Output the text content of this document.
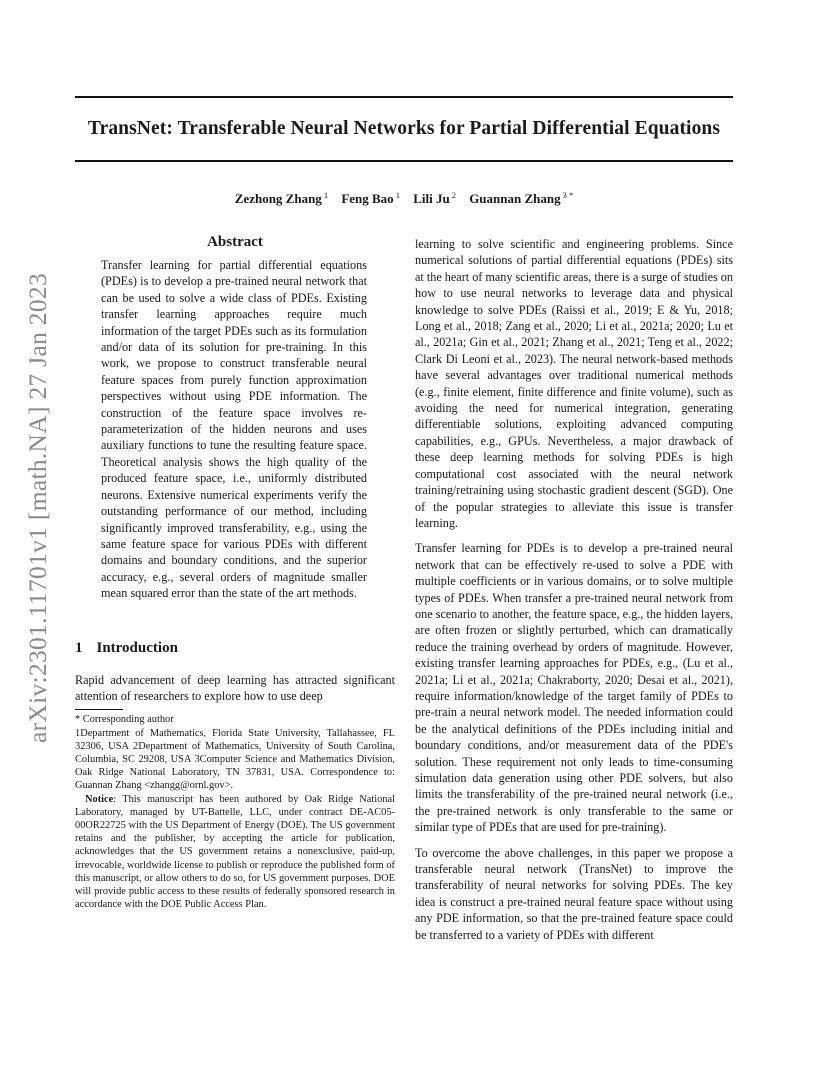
TransNet: Transferable Neural Networks for Partial Differential Equations
Zezhong Zhang $^1$ Feng Bao $^1$ Lili Ju $^2$ Guannan Zhang $^{3 *}$
arXiv:2301.11701v1 [math.NA] 27 Jan 2023
Abstract

Transfer learning for partial differential equations (PDEs) is to develop a pre-trained neural network that can be used to solve a wide class of PDEs. Existing transfer learning approaches require much information of the target PDEs such as its formulation and/or data of its solution for pre-training. In this work, we propose to construct transferable neural feature spaces from purely function approximation perspectives without using PDE information. The construction of the feature space involves re-parameterization of the hidden neurons and uses auxiliary functions to tune the resulting feature space. Theoretical analysis shows the high quality of the produced feature space, i.e., uniformly distributed neurons. Extensive numerical experiments verify the outstanding performance of our method, including significantly improved transferability, e.g., using the same feature space for various PDEs with different domains and boundary conditions, and the superior accuracy, e.g., several orders of magnitude smaller mean squared error than the state of the art methods.

1 Introduction

Rapid advancement of deep learning has attracted significant attention of researchers to explore how to use deep

* Corresponding author

1Department of Mathematics, Florida State University, Tallahassee, FL 32306, USA 2Department of Mathematics, University of South Carolina, Columbia, SC 29208, USA 3Computer Science and Mathematics Division, Oak Ridge National Laboratory, TN 37831, USA. Correspondence to: Guannan Zhang <zhangg@ornl.gov>.

Notice: This manuscript has been authored by Oak Ridge National Laboratory, managed by UT-Battelle, LLC, under contract DE-AC05-00OR22725 with the US Department of Energy (DOE). The US government retains and the publisher, by accepting the article for publication, acknowledges that the US government retains a nonexclusive, paid-up, irrevocable, worldwide license to publish or reproduce the published form of this manuscript, or allow others to do so, for US government purposes. DOE will provide public access to these results of federally sponsored research in accordance with the DOE Public Access Plan.

learning to solve scientific and engineering problems. Since numerical solutions of partial differential equations (PDEs) sits at the heart of many scientific areas, there is a surge of studies on how to use neural networks to leverage data and physical knowledge to solve PDEs (Raissi et al., 2019; E & Yu, 2018; Long et al., 2018; Zang et al., 2020; Li et al., 2021a; 2020; Lu et al., 2021a; Gin et al., 2021; Zhang et al., 2021; Teng et al., 2022; Clark Di Leoni et al., 2023). The neural network-based methods have several advantages over traditional numerical methods (e.g., finite element, finite difference and finite volume), such as avoiding the need for numerical integration, generating differentiable solutions, exploiting advanced computing capabilities, e.g., GPUs. Nevertheless, a major drawback of these deep learning methods for solving PDEs is high computational cost associated with the neural network training/retraining using stochastic gradient descent (SGD). One of the popular strategies to alleviate this issue is transfer learning.

Transfer learning for PDEs is to develop a pre-trained neural network that can be effectively re-used to solve a PDE with multiple coefficients or in various domains, or to solve multiple types of PDEs. When transfer a pre-trained neural network from one scenario to another, the feature space, e.g., the hidden layers, are often frozen or slightly perturbed, which can dramatically reduce the training overhead by orders of magnitude. However, existing transfer learning approaches for PDEs, e.g., (Lu et al., 2021a; Li et al., 2021a; Chakraborty, 2020; Desai et al., 2021), require information/knowledge of the target family of PDEs to pre-train a neural network model. The needed information could be the analytical definitions of the PDEs including initial and boundary conditions, and/or measurement data of the PDE's solution. These requirement not only leads to time-consuming simulation data generation using other PDE solvers, but also limits the transferability of the pre-trained neural network (i.e., the pre-trained network is only transferable to the same or similar type of PDEs that are used for pre-training).

To overcome the above challenges, in this paper we propose a transferable neural network (TransNet) to improve the transferability of neural networks for solving PDEs. The key idea is construct a pre-trained neural feature space without using any PDE information, so that the pre-trained feature space could be transferred to a variety of PDEs with different
